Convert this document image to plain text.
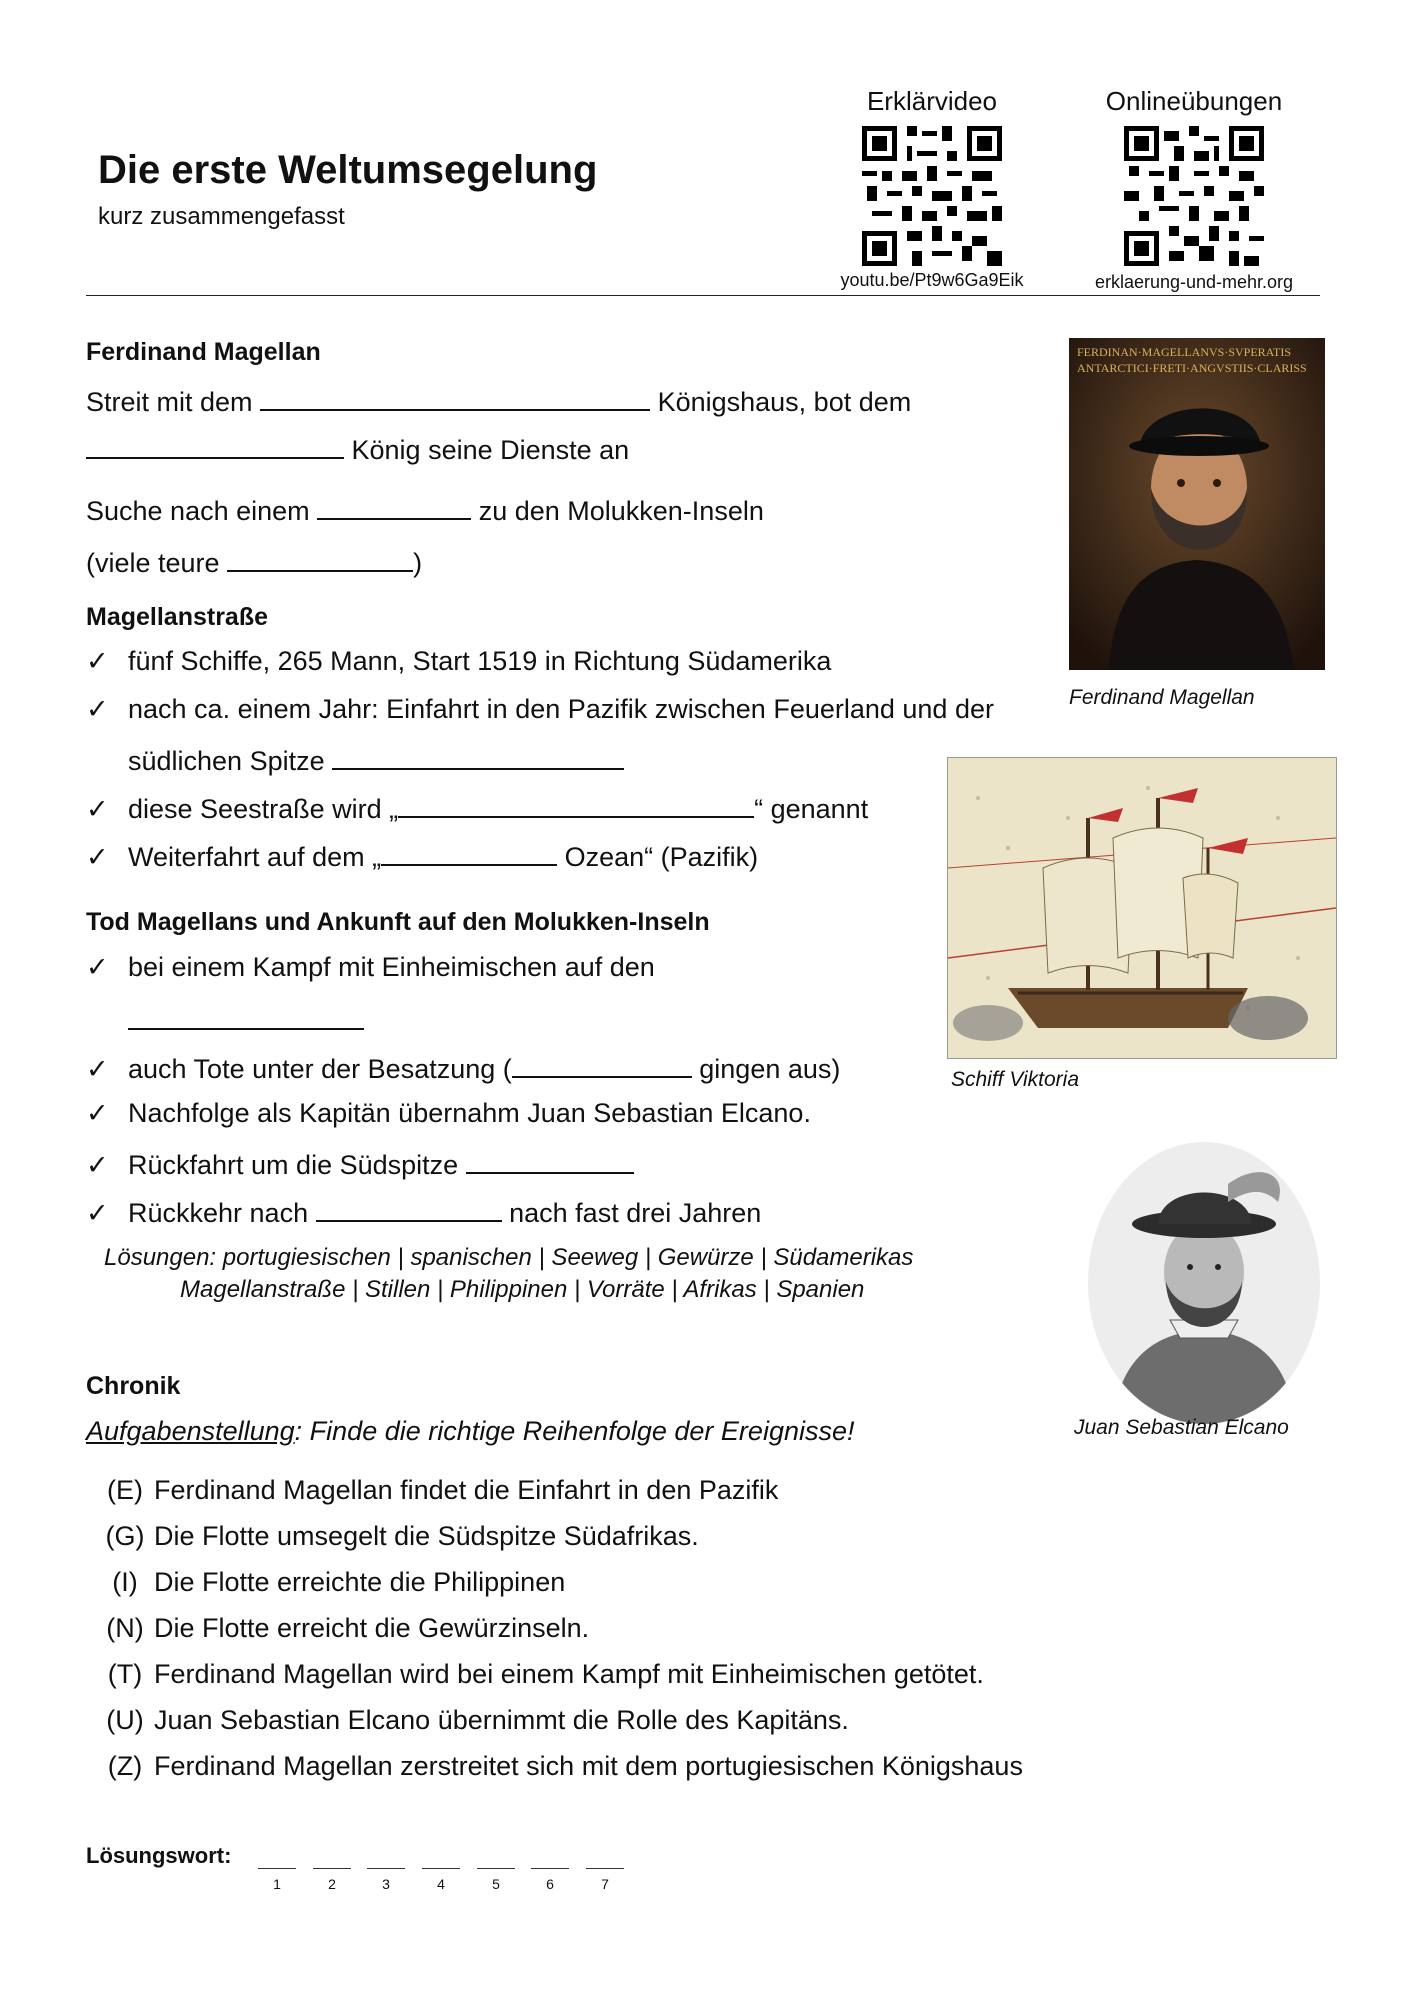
Die erste Weltumsegelung
kurz zusammengefasst
Erklärvideo
youtu.be/Pt9w6Ga9Eik
Onlineübungen
erklaerung-und-mehr.org
Ferdinand Magellan
Streit mit dem	Königshaus, bot dem
König seine Dienste an
Suche nach einem	zu den Molukken-Inseln
(viele teure	)
Magellanstraße
✓ fünf Schiffe, 265 Mann, Start 1519 in Richtung Südamerika
✓ nach ca. einem Jahr: Einfahrt in den Pazifik zwischen Feuerland und der
südlichen Spitze
✓ diese Seestraße wird „	“ genannt
✓ Weiterfahrt auf dem „	Ozean“ (Pazifik)
Tod Magellans und Ankunft auf den Molukken-Inseln
✓ bei einem Kampf mit Einheimischen auf den
✓ auch Tote unter der Besatzung (	gingen aus)
✓ Nachfolge als Kapitän übernahm Juan Sebastian Elcano.
✓ Rückfahrt um die Südspitze
✓ Rückkehr nach	nach fast drei Jahren
Lösungen: portugiesischen | spanischen | Seeweg | Gewürze | Südamerikas
Magellanstraße | Stillen | Philippinen | Vorräte | Afrikas | Spanien
FERDINAN·MAGELLANVS·SVPERATIS
ANTARCTICI·FRETI·ANGVSTIIS·CLARISS
Ferdinand Magellan
Schiff Viktoria
Juan Sebastian Elcano
Chronik
Aufgabenstellung: Finde die richtige Reihenfolge der Ereignisse!
(E) Ferdinand Magellan findet die Einfahrt in den Pazifik
(G) Die Flotte umsegelt die Südspitze Südafrikas.
(I) Die Flotte erreichte die Philippinen
(N) Die Flotte erreicht die Gewürzinseln.
(T) Ferdinand Magellan wird bei einem Kampf mit Einheimischen getötet.
(U) Juan Sebastian Elcano übernimmt die Rolle des Kapitäns.
(Z) Ferdinand Magellan zerstreitet sich mit dem portugiesischen Königshaus
Lösungswort:
1	2	3	4	5	6	7
